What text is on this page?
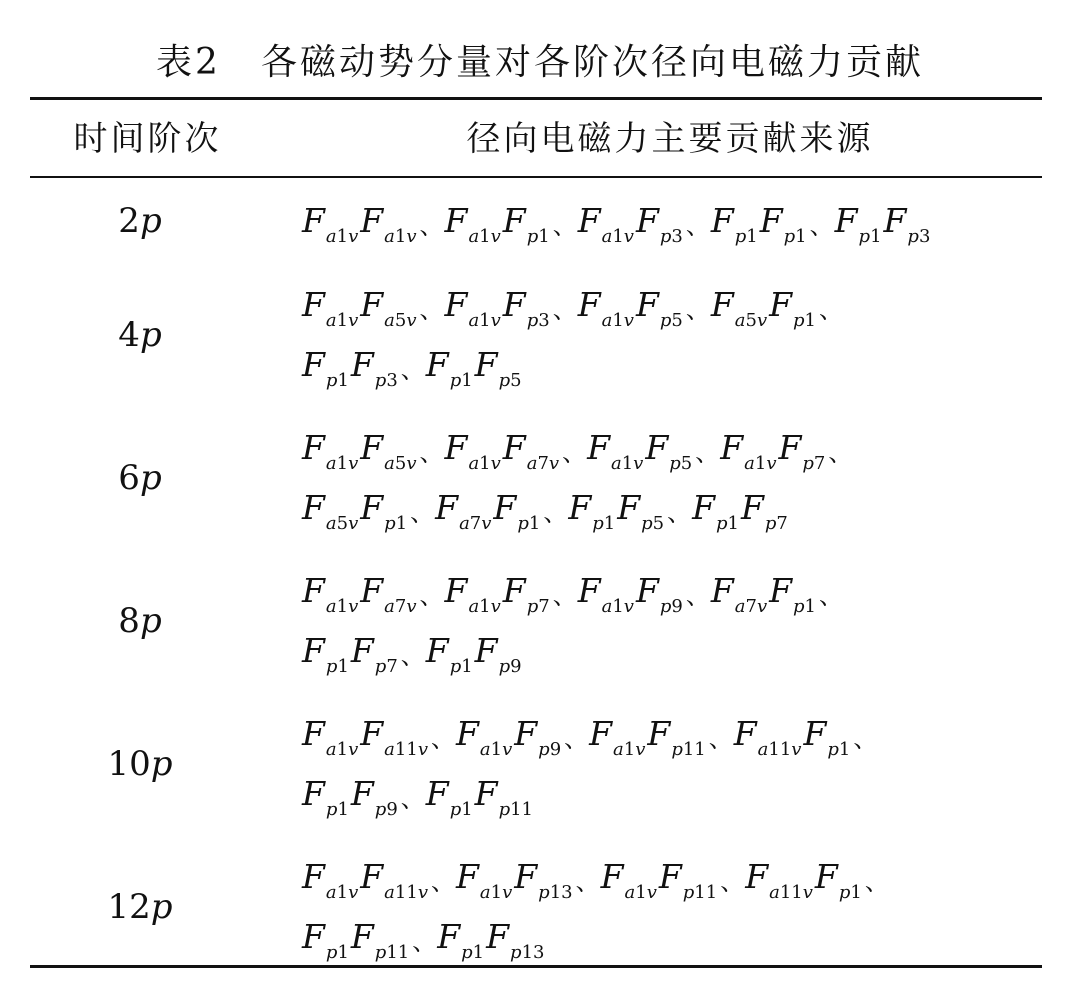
表2 各磁动势分量对各阶次径向电磁力贡献
时间阶次	径向电磁力主要贡献来源
2p	$F_{a1v}F_{a1v}$ 、$F_{a1v}F_{p1}$ 、$F_{a1v}F_{p3}$ 、$F_{p1}F_{p1}$ 、$F_{p1}F_{p3}$
4p
$F_{a1v}F_{a5v}$ 、$F_{a1v}F_{p3}$ 、$F_{a1v}F_{p5}$ 、$F_{a5v}F_{p1}$ 、
$F_{p1}F_{p3}$ 、$F_{p1}F_{p5}$
6p
$F_{a1v}F_{a5v}$ 、$F_{a1v}F_{a7v}$ 、$F_{a1v}F_{p5}$ 、$F_{a1v}F_{p7}$ 、
$F_{a5v}F_{p1}$ 、$F_{a7v}F_{p1}$ 、$F_{p1}F_{p5}$ 、$F_{p1}F_{p7}$
8p
$F_{a1v}F_{a7v}$ 、$F_{a1v}F_{p7}$ 、$F_{a1v}F_{p9}$ 、$F_{a7v}F_{p1}$ 、
$F_{p1}F_{p7}$ 、$F_{p1}F_{p9}$
10p
$F_{a1v}F_{a11v}$ 、$F_{a1v}F_{p9}$ 、$F_{a1v}F_{p11}$ 、$F_{a11v}F_{p1}$ 、
$F_{p1}F_{p9}$ 、$F_{p1}F_{p11}$
12p
$F_{a1v}F_{a11v}$ 、$F_{a1v}F_{p13}$ 、$F_{a1v}F_{p11}$ 、$F_{a11v}F_{p1}$ 、
$F_{p1}F_{p11}$ 、$F_{p1}F_{p13}$
